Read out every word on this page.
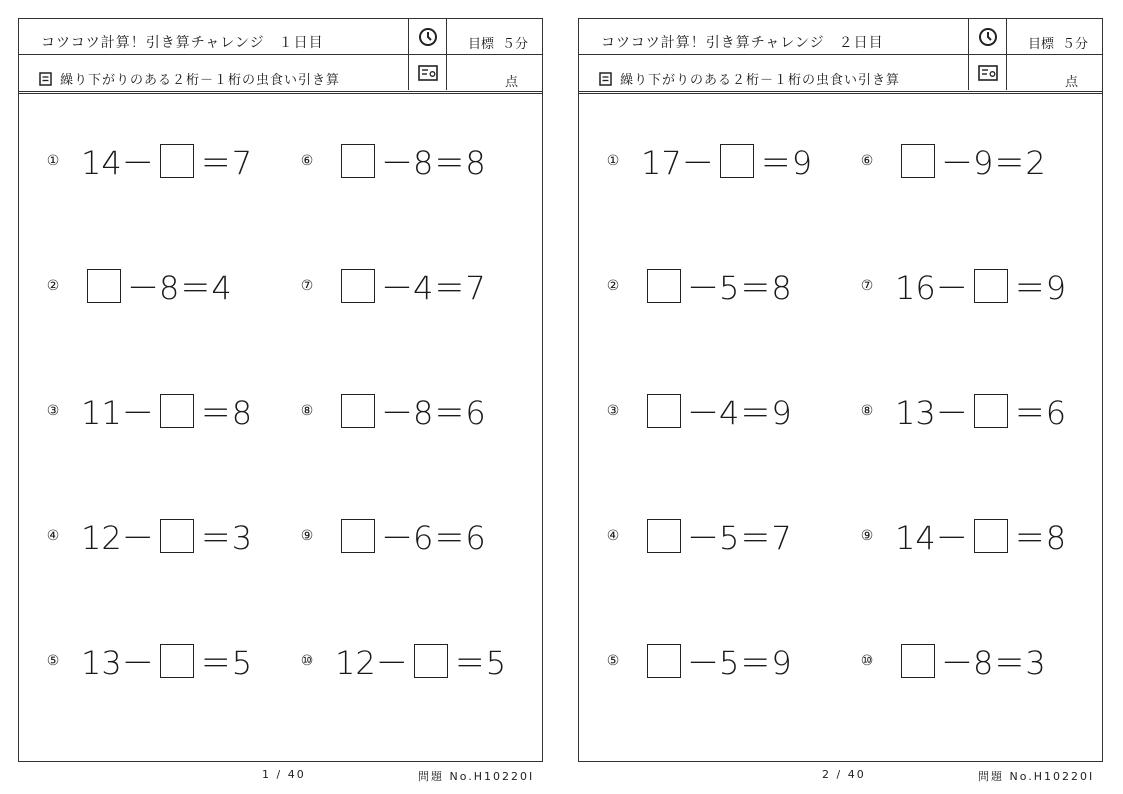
コツコツ計算！引き算チャレンジ １日目	目標 ５分
繰り下がりのある２桁－１桁の虫食い引き算	点
① 14－ ＝7
② －8＝4
③ 11－ ＝8
④ 12－ ＝3
⑤ 13－ ＝5
⑥ －8＝8
⑦ －4＝7
⑧ －8＝6
⑨ －6＝6
⑩ 12－ ＝5
コツコツ計算！引き算チャレンジ ２日目	目標 ５分
繰り下がりのある２桁－１桁の虫食い引き算	点
① 17－ ＝9
② －5＝8
③ －4＝9
④ －5＝7
⑤ －5＝9
⑥ －9＝2
⑦ 16－ ＝9
⑧ 13－ ＝6
⑨ 14－ ＝8
⑩ －8＝3
1 / 40	問題 No.H10220I	2 / 40	問題 No.H10220I
